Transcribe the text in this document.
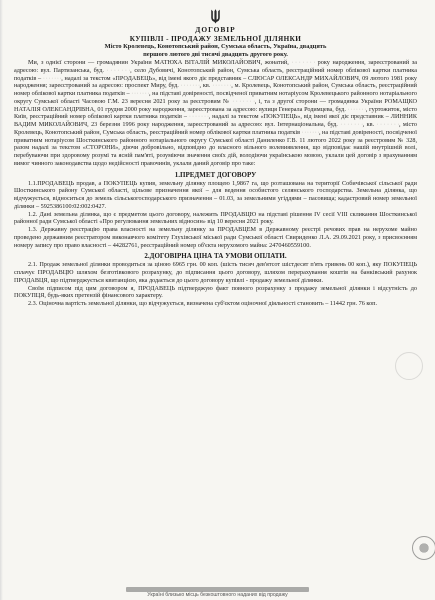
ДОГОВІР
КУПІВЛІ - ПРОДАЖУ ЗЕМЕЛЬНОЇ ДІЛЯНКИ
Місто Кролевець, Конотопський район, Сумська область, Україна, двадцять
першого лютого дві тисячі двадцять другого року.

Ми, з однієї сторони — громадянин України МАТЮХА ВІТАЛІЙ МИКОЛАЙОВИЧ, жонатий, · · · · · · · року народження, зареєстрований за адресою: вул. Партизанська, буд. · · · · · · ·, село Дубовичі, Конотопський район, Сумська область, реєстраційний номер облікової картки платника податків – · · · · · · ·, надалі за текстом «ПРОДАВЕЦЬ», від імені якого діє представник – СЛЮСАР ОЛЕКСАНДР МИХАЙЛОВИЧ, 09 лютого 1981 року народження; зареєстрований за адресою: проспект Миру, буд. · · · · · · ·, кв. · · · · · · ·, м. Кролевець, Конотопський район, Сумська область, реєстраційний номер облікової картки платника податків – · · · · · · ·, на підставі довіреності, посвідченої приватним нотаріусом Кролевецького районного нотаріального округу Сумської області Часовою Г.М. 23 вересня 2021 року за реєстровим № · · · · · · ·, і, та з другої сторони — громадянка України РОМАЩКО НАТАЛІЯ ОЛЕКСАНДРІВНА, 01 грудня 2000 року народження, зареєстрована за адресою: вулиця Генерала Родимцева, буд. · · · · · · ·, гуртожиток, місто Київ, реєстраційний номер облікової картки платника податків – · · · · · · ·, надалі за текстом «ПОКУПЕЦЬ», від імені якої діє представник – ЛИННИК ВАДИМ МИКОЛАЙОВИЧ, 23 березня 1996 року народження, зареєстрований за адресою: вул. Інтернаціональна, буд. · · · · · · ·, кв. · · · · · · ·, місто Кролевець, Конотопський район, Сумська область, реєстраційний номер облікової картки платника податків · · · · · · ·, на підставі довіреності, посвідченої приватним нотаріусом Шосткинського районного нотаріального округу Сумської області Даниленко Г.В. 11 лютого 2022 року за реєстровим № 328, разом надалі за текстом «СТОРОНИ», діючи добровільно, відповідно до власного вільного волевиявлення, що відповідає нашій внутрішній волі, перебуваючи при здоровому розумі та ясній пам'яті, розуміючи значення своїх дій, володіючи українською мовою, уклали цей договір з врахуванням вимог чинного законодавства щодо недійсності правочинів, уклали даний договір про таке:

1.ПРЕДМЕТ ДОГОВОРУ

1.1.ПРОДАВЕЦЬ продав, а ПОКУПЕЦЬ купив, земельну ділянку площею 1,9867 га, що розташована на території Собичівської сільської ради Шосткинського району Сумської області, цільове призначення якої – для ведення особистого селянського господарства. Земельна ділянка, що відчужується, відноситься до земель сільськогосподарського призначення – 01.03, за земельними угіддями – пасовища; кадастровий номер земельної ділянки – 5925386100:02:002:0427.

1.2. Дані земельна ділянка, що є предметом цього договору, належить ПРОДАВЦЮ на підставі рішення IV сесії VIII скликання Шосткинської районної ради Сумської області «Про регулювання земельних відносин» від 10 вересня 2021 року.

1.3. Державну реєстрацію права власності на земельну ділянку за ПРОДАВЦЕМ в Державному реєстрі речових прав на нерухоме майно проведено державним реєстратором виконавчого комітету Глухівської міської ради Сумської області Свириденко Л.А. 29.09.2021 року, з присвоєнням номеру запису про право власності – 44282761, реєстраційний номер об'єкта нерухомого майна: 2470460559100.

2.ДОГОВІРНА ЦІНА ТА УМОВИ ОПЛАТИ.

2.1. Продаж земельної ділянки проводиться за ціною 6965 грн. 00 коп. (шість тисяч дев'ятсот шістдесят п'ять гривень 00 коп.), яку ПОКУПЕЦЬ сплачує ПРОДАВЦЮ шляхом безготівкового розрахунку, до підписання цього договору, шляхом перерахування коштів на банківський рахунок ПРОДАВЦЯ, що підтверджується квитанцією, яка додається до цього договору купівлі - продажу земельної ділянки.

Своїм підписом під цим договором я, ПРОДАВЕЦЬ підтверджую факт повного розрахунку з продажу земельної ділянки і відсутність до ПОКУПЦЯ, будь-яких претензій фінансового характеру.

2.3. Оціночна вартість земельної ділянки, що відчужується, визначена суб'єктом оціночної діяльності становить – 11442 грн. 76 коп.

Україні близько місць безкоштовного наданих від продажу
